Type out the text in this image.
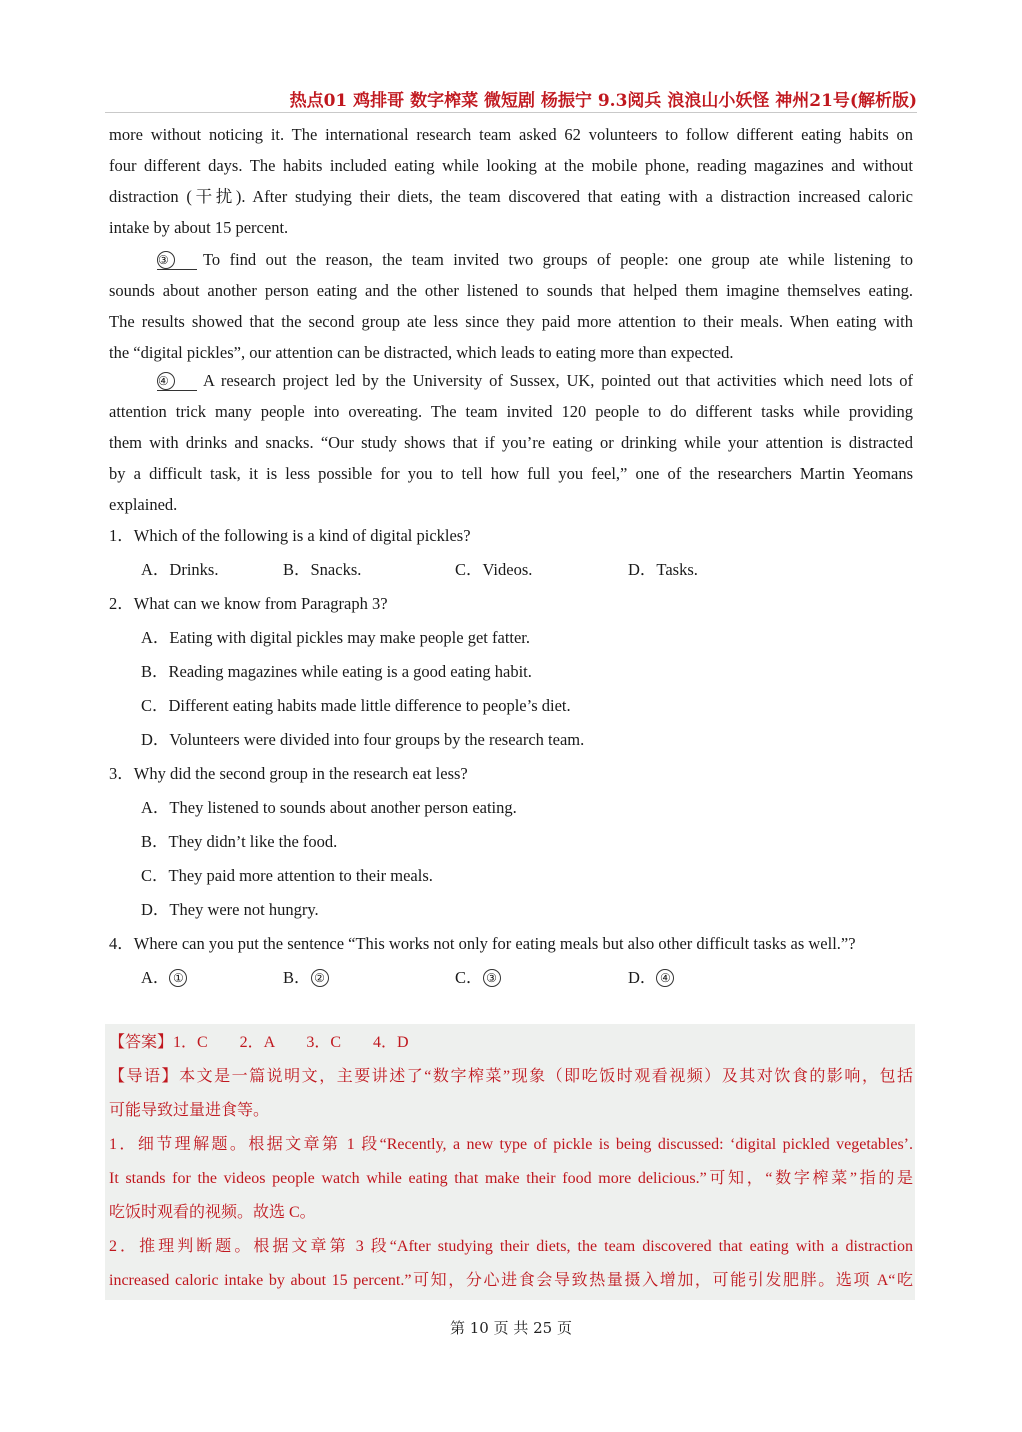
热点01 鸡排哥 数字榨菜 微短剧 杨振宁 9.3阅兵 浪浪山小妖怪 神州21号(解析版)
more without noticing it. The international research team asked 62 volunteers to follow different eating habits on
four different days. The habits included eating while looking at the mobile phone, reading magazines and without
distraction (干扰). After studying their diets, the team discovered that eating with a distraction increased caloric
intake by about 15 percent.
③ To find out the reason, the team invited two groups of people: one group ate while listening to
sounds about another person eating and the other listened to sounds that helped them imagine themselves eating.
The results showed that the second group ate less since they paid more attention to their meals. When eating with
the “digital pickles”, our attention can be distracted, which leads to eating more than expected.
④ A research project led by the University of Sussex, UK, pointed out that activities which need lots of
attention trick many people into overeating. The team invited 120 people to do different tasks while providing
them with drinks and snacks. “Our study shows that if you’re eating or drinking while your attention is distracted
by a difficult task, it is less possible for you to tell how full you feel,” one of the researchers Martin Yeomans
explained.
1．Which of the following is a kind of digital pickles?
A．Drinks.	B．Snacks.	C．Videos.	D．Tasks.
2．What can we know from Paragraph 3?
A．Eating with digital pickles may make people get fatter.
B．Reading magazines while eating is a good eating habit.
C．Different eating habits made little difference to people’s diet.
D．Volunteers were divided into four groups by the research team.
3．Why did the second group in the research eat less?
A．They listened to sounds about another person eating.
B．They didn’t like the food.
C．They paid more attention to their meals.
D．They were not hungry.
4．Where can you put the sentence “This works not only for eating meals but also other difficult tasks as well.”?
A． ①	B． ②	C． ③	D． ④
【答案】1．C　　2．A　　3．C　　4．D
【导语】本文是一篇说明文，主要讲述了“数字榨菜”现象（即吃饭时观看视频）及其对饮食的影响，包括
可能导致过量进食等。
1．细节理解题。根据文章第 1 段“Recently, a new type of pickle is being discussed: ‘digital pickled vegetables’.
It stands for the videos people watch while eating that make their food more delicious.”可知，“数字榨菜”指的是
吃饭时观看的视频。故选 C。
2．推理判断题。根据文章第 3 段“After studying their diets, the team discovered that eating with a distraction
increased caloric intake by about 15 percent.”可知，分心进食会导致热量摄入增加，可能引发肥胖。选项 A“吃
第 10 页 共 25 页
